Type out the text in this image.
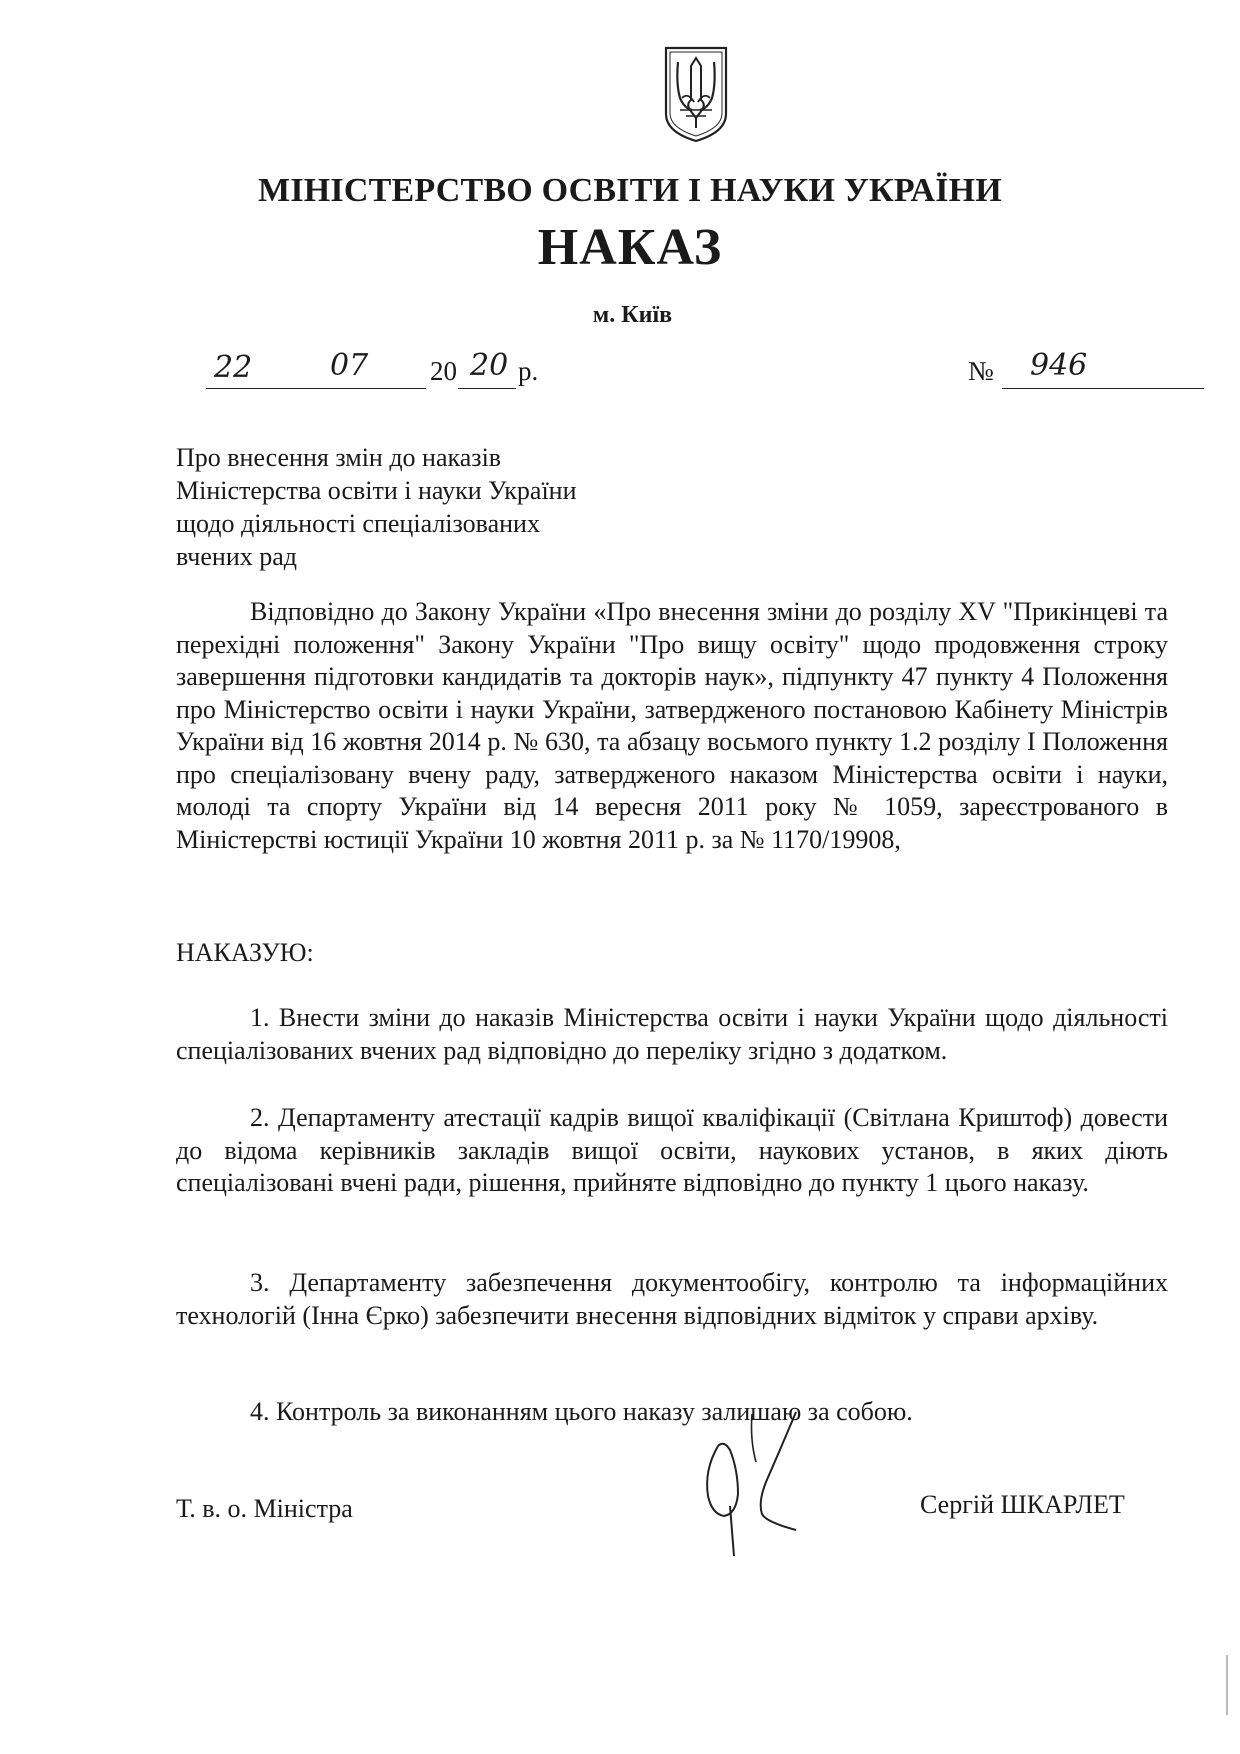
МІНІСТЕРСТВО ОСВІТИ І НАУКИ УКРАЇНИ
НАКАЗ
м. Київ
22	07 20 20 р.	№ 946
Про внесення змін до наказів
Міністерства освіти і науки України
щодо діяльності спеціалізованих
вчених рад
Відповідно до Закону України «Про внесення зміни до розділу XV "Прикінцеві та перехідні положення" Закону України "Про вищу освіту" щодо продовження строку завершення підготовки кандидатів та докторів наук», підпункту 47 пункту 4 Положення про Міністерство освіти і науки України, затвердженого постановою Кабінету Міністрів України від 16 жовтня 2014 р. № 630, та абзацу восьмого пункту 1.2 розділу І Положення про спеціалізовану вчену раду, затвердженого наказом Міністерства освіти і науки, молоді та спорту України від 14 вересня 2011 року № 1059, зареєстрованого в Міністерстві юстиції України 10 жовтня 2011 р. за № 1170/19908,
НАКАЗУЮ:
1. Внести зміни до наказів Міністерства освіти і науки України щодо діяльності спеціалізованих вчених рад відповідно до переліку згідно з додатком.
2. Департаменту атестації кадрів вищої кваліфікації (Світлана Криштоф) довести до відома керівників закладів вищої освіти, наукових установ, в яких діють спеціалізовані вчені ради, рішення, прийняте відповідно до пункту 1 цього наказу.
3. Департаменту забезпечення документообігу, контролю та інформаційних технологій (Інна Єрко) забезпечити внесення відповідних відміток у справи архіву.
4. Контроль за виконанням цього наказу залишаю за собою.
Т. в. о. Міністра	Сергій ШКАРЛЕТ
